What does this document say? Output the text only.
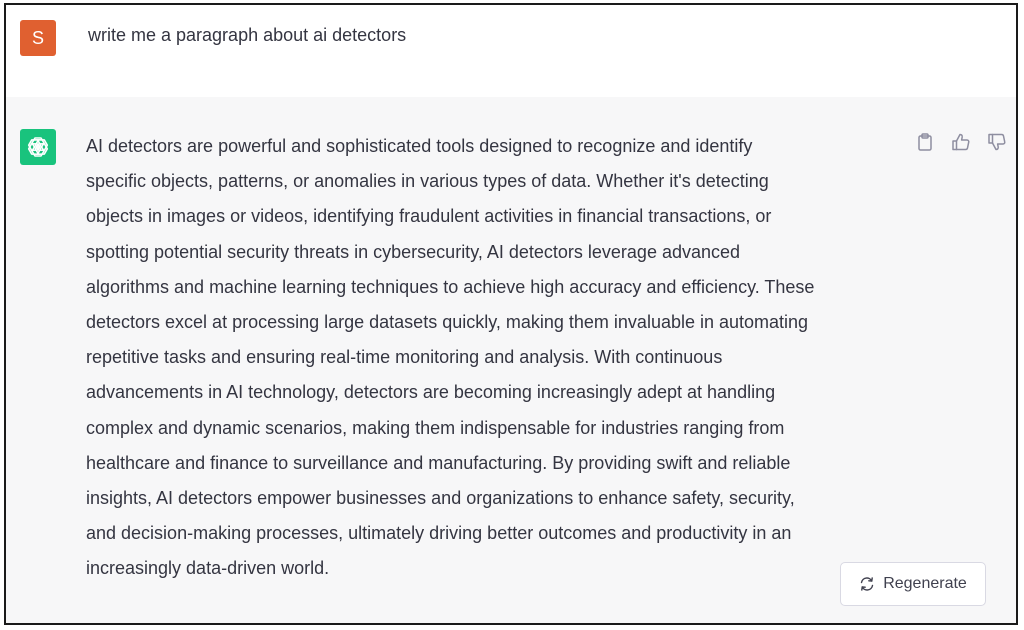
S	write me a paragraph about ai detectors
AI detectors are powerful and sophisticated tools designed to recognize and identify
specific objects, patterns, or anomalies in various types of data. Whether it's detecting
objects in images or videos, identifying fraudulent activities in financial transactions, or
spotting potential security threats in cybersecurity, AI detectors leverage advanced
algorithms and machine learning techniques to achieve high accuracy and efficiency. These
detectors excel at processing large datasets quickly, making them invaluable in automating
repetitive tasks and ensuring real-time monitoring and analysis. With continuous
advancements in AI technology, detectors are becoming increasingly adept at handling
complex and dynamic scenarios, making them indispensable for industries ranging from
healthcare and finance to surveillance and manufacturing. By providing swift and reliable
insights, AI detectors empower businesses and organizations to enhance safety, security,
and decision-making processes, ultimately driving better outcomes and productivity in an
increasingly data-driven world.
Regenerate
